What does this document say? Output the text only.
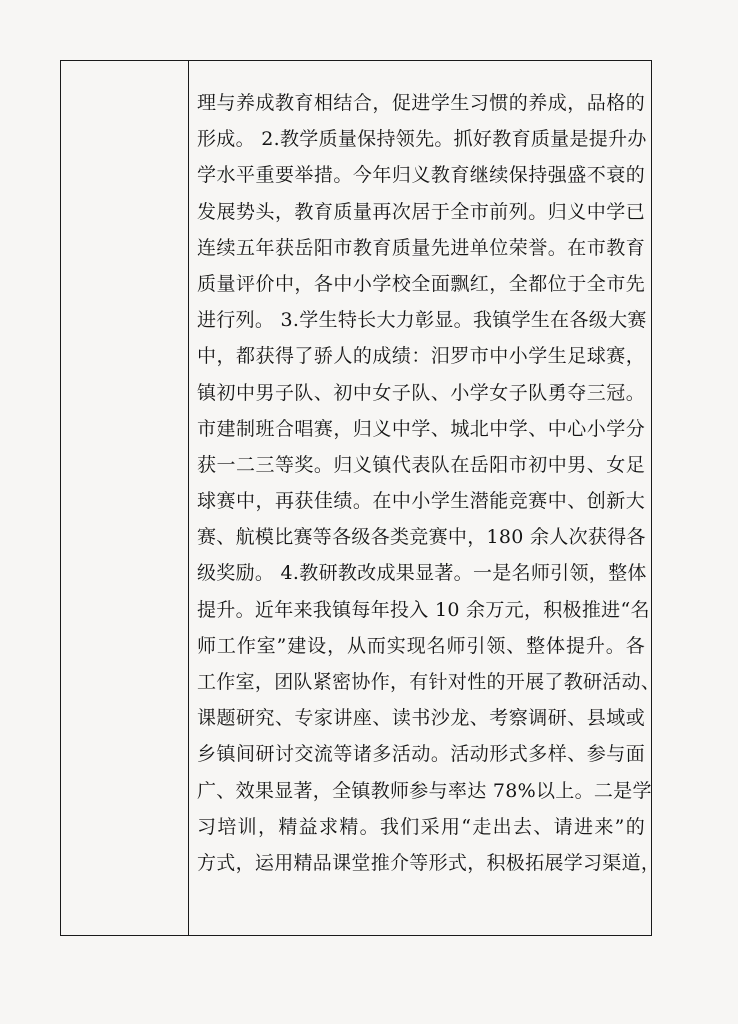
理与养成教育相结合，促进学生习惯的养成，品格的
形成。 2.教学质量保持领先。抓好教育质量是提升办
学水平重要举措。今年归义教育继续保持强盛不衰的
发展势头，教育质量再次居于全市前列。归义中学已
连续五年获岳阳市教育质量先进单位荣誉。在市教育
质量评价中，各中小学校全面飘红，全都位于全市先
进行列。 3.学生特长大力彰显。我镇学生在各级大赛
中，都获得了骄人的成绩：汨罗市中小学生足球赛，
镇初中男子队、初中女子队、小学女子队勇夺三冠。
市建制班合唱赛，归义中学、城北中学、中心小学分
获一二三等奖。归义镇代表队在岳阳市初中男、女足
球赛中，再获佳绩。在中小学生潜能竞赛中、创新大
赛、航模比赛等各级各类竞赛中，180 余人次获得各
级奖励。 4.教研教改成果显著。一是名师引领，整体
提升。近年来我镇每年投入 10 余万元，积极推进“名
师工作室”建设，从而实现名师引领、整体提升。各
工作室，团队紧密协作，有针对性的开展了教研活动、
课题研究、专家讲座、读书沙龙、考察调研、县域或
乡镇间研讨交流等诸多活动。活动形式多样、参与面
广、效果显著，全镇教师参与率达 78%以上。二是学
习培训，精益求精。我们采用“走出去、请进来”的
方式，运用精品课堂推介等形式，积极拓展学习渠道，
